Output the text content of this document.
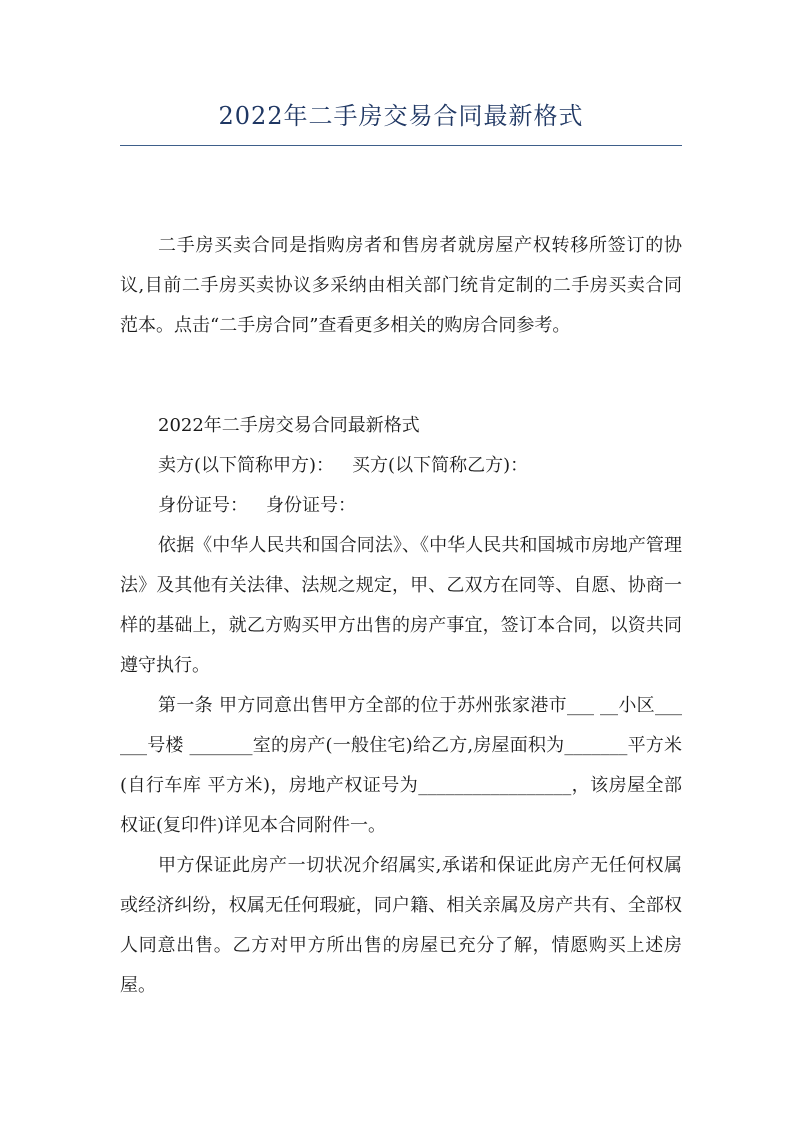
2022年二手房交易合同最新格式

二手房买卖合同是指购房者和售房者就房屋产权转移所签订的协议,目前二手房买卖协议多采纳由相关部门统肯定制的二手房买卖合同范本。点击“二手房合同”查看更多相关的购房合同参考。

2022年二手房交易合同最新格式

卖方(以下简称甲方)： 买方(以下简称乙方)：
身份证号： 身份证号：

依据《中华人民共和国合同法》、《中华人民共和国城市房地产管理法》及其他有关法律、法规之规定，甲、乙双方在同等、自愿、协商一样的基础上，就乙方购买甲方出售的房产事宜，签订本合同，以资共同遵守执行。

第一条 甲方同意出售甲方全部的位于苏州张家港市___ __小区______号楼 _______室的房产(一般住宅)给乙方,房屋面积为_______平方米(自行车库 平方米)，房地产权证号为_________________，该房屋全部权证(复印件)详见本合同附件一。

甲方保证此房产一切状况介绍属实,承诺和保证此房产无任何权属或经济纠纷，权属无任何瑕疵，同户籍、相关亲属及房产共有、全部权人同意出售。乙方对甲方所出售的房屋已充分了解，情愿购买上述房屋。
